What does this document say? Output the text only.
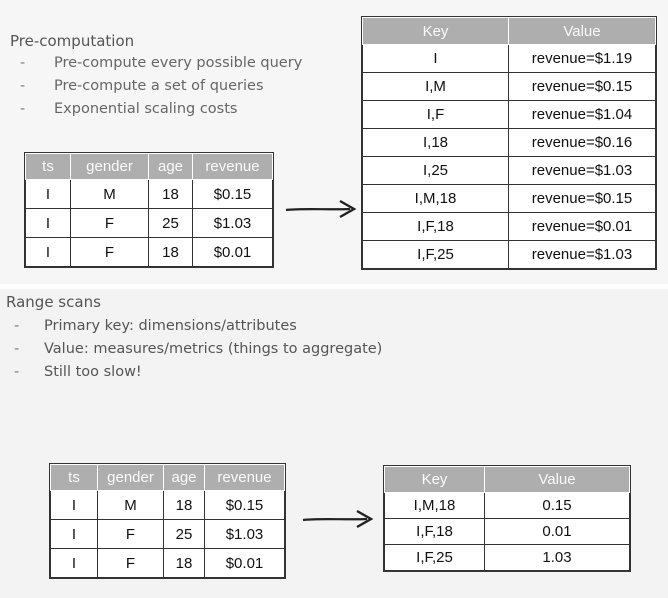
Pre-computation
- Pre-compute every possible query
- Pre-compute a set of queries
- Exponential scaling costs
ts	gender	age	revenue
I	M	18	$0.15
I	F	25	$1.03
I	F	18	$0.01
Key	Value
I	revenue=$1.19
I,M	revenue=$0.15
I,F	revenue=$1.04
I,18	revenue=$0.16
I,25	revenue=$1.03
I,M,18	revenue=$0.15
I,F,18	revenue=$0.01
I,F,25	revenue=$1.03
Range scans
- Primary key: dimensions/attributes
- Value: measures/metrics (things to aggregate)
- Still too slow!
ts	gender	age	revenue
I	M	18	$0.15
I	F	25	$1.03
I	F	18	$0.01
Key	Value
I,M,18	0.15
I,F,18	0.01
I,F,25	1.03
